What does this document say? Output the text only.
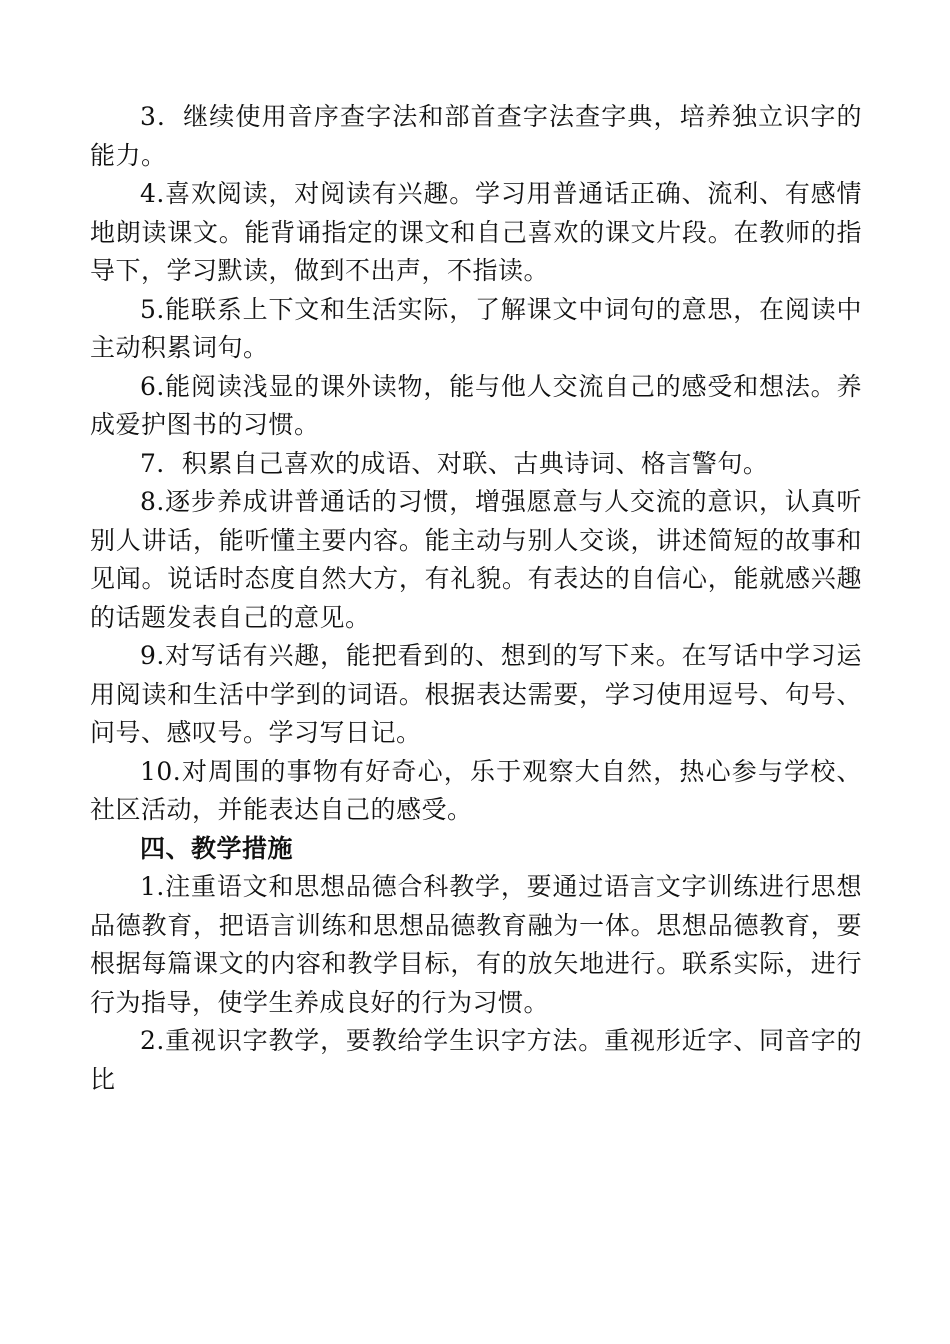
3．继续使用音序查字法和部首查字法查字典，培养独立识字的能力。

4.喜欢阅读，对阅读有兴趣。学习用普通话正确、流利、有感情地朗读课文。能背诵指定的课文和自己喜欢的课文片段。在教师的指导下，学习默读，做到不出声，不指读。

5.能联系上下文和生活实际，了解课文中词句的意思，在阅读中主动积累词句。

6.能阅读浅显的课外读物，能与他人交流自己的感受和想法。养成爱护图书的习惯。

7．积累自己喜欢的成语、对联、古典诗词、格言警句。

8.逐步养成讲普通话的习惯，增强愿意与人交流的意识，认真听别人讲话，能听懂主要内容。能主动与别人交谈，讲述简短的故事和见闻。说话时态度自然大方，有礼貌。有表达的自信心，能就感兴趣的话题发表自己的意见。

9.对写话有兴趣，能把看到的、想到的写下来。在写话中学习运用阅读和生活中学到的词语。根据表达需要，学习使用逗号、句号、问号、感叹号。学习写日记。

10.对周围的事物有好奇心，乐于观察大自然，热心参与学校、社区活动，并能表达自己的感受。

四、教学措施

1.注重语文和思想品德合科教学，要通过语言文字训练进行思想品德教育，把语言训练和思想品德教育融为一体。思想品德教育，要根据每篇课文的内容和教学目标，有的放矢地进行。联系实际，进行行为指导，使学生养成良好的行为习惯。

2.重视识字教学，要教给学生识字方法。重视形近字、同音字的比
